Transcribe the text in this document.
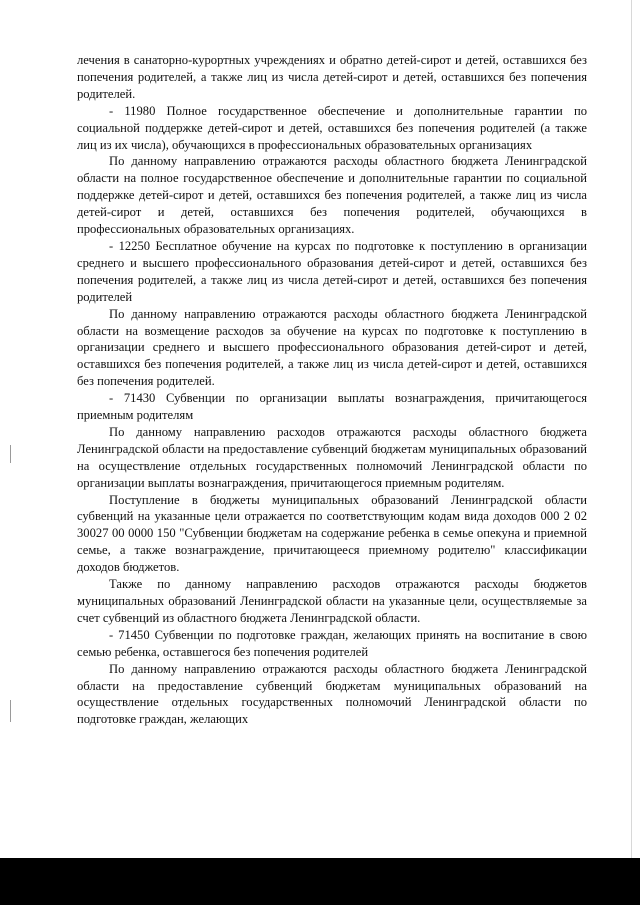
лечения в санаторно-курортных учреждениях и обратно детей-сирот и детей, оставшихся без попечения родителей, а также лиц из числа детей-сирот и детей, оставшихся без попечения родителей.

- 11980 Полное государственное обеспечение и дополнительные гарантии по социальной поддержке детей-сирот и детей, оставшихся без попечения родителей (а также лиц из их числа), обучающихся в профессиональных образовательных организациях

По данному направлению отражаются расходы областного бюджета Ленинградской области на полное государственное обеспечение и дополнительные гарантии по социальной поддержке детей-сирот и детей, оставшихся без попечения родителей, а также лиц из числа детей-сирот и детей, оставшихся без попечения родителей, обучающихся в профессиональных образовательных организациях.

- 12250 Бесплатное обучение на курсах по подготовке к поступлению в организации среднего и высшего профессионального образования детей-сирот и детей, оставшихся без попечения родителей, а также лиц из числа детей-сирот и детей, оставшихся без попечения родителей

По данному направлению отражаются расходы областного бюджета Ленинградской области на возмещение расходов за обучение на курсах по подготовке к поступлению в организации среднего и высшего профессионального образования детей-сирот и детей, оставшихся без попечения родителей, а также лиц из числа детей-сирот и детей, оставшихся без попечения родителей.

- 71430 Субвенции по организации выплаты вознаграждения, причитающегося приемным родителям

По данному направлению расходов отражаются расходы областного бюджета Ленинградской области на предоставление субвенций бюджетам муниципальных образований на осуществление отдельных государственных полномочий Ленинградской области по организации выплаты вознаграждения, причитающегося приемным родителям.

Поступление в бюджеты муниципальных образований Ленинградской области субвенций на указанные цели отражается по соответствующим кодам вида доходов 000 2 02 30027 00 0000 150 "Субвенции бюджетам на содержание ребенка в семье опекуна и приемной семье, а также вознаграждение, причитающееся приемному родителю" классификации доходов бюджетов.

Также по данному направлению расходов отражаются расходы бюджетов муниципальных образований Ленинградской области на указанные цели, осуществляемые за счет субвенций из областного бюджета Ленинградской области.

- 71450 Субвенции по подготовке граждан, желающих принять на воспитание в свою семью ребенка, оставшегося без попечения родителей

По данному направлению отражаются расходы областного бюджета Ленинградской области на предоставление субвенций бюджетам муниципальных образований на осуществление отдельных государственных полномочий Ленинградской области по подготовке граждан, желающих
